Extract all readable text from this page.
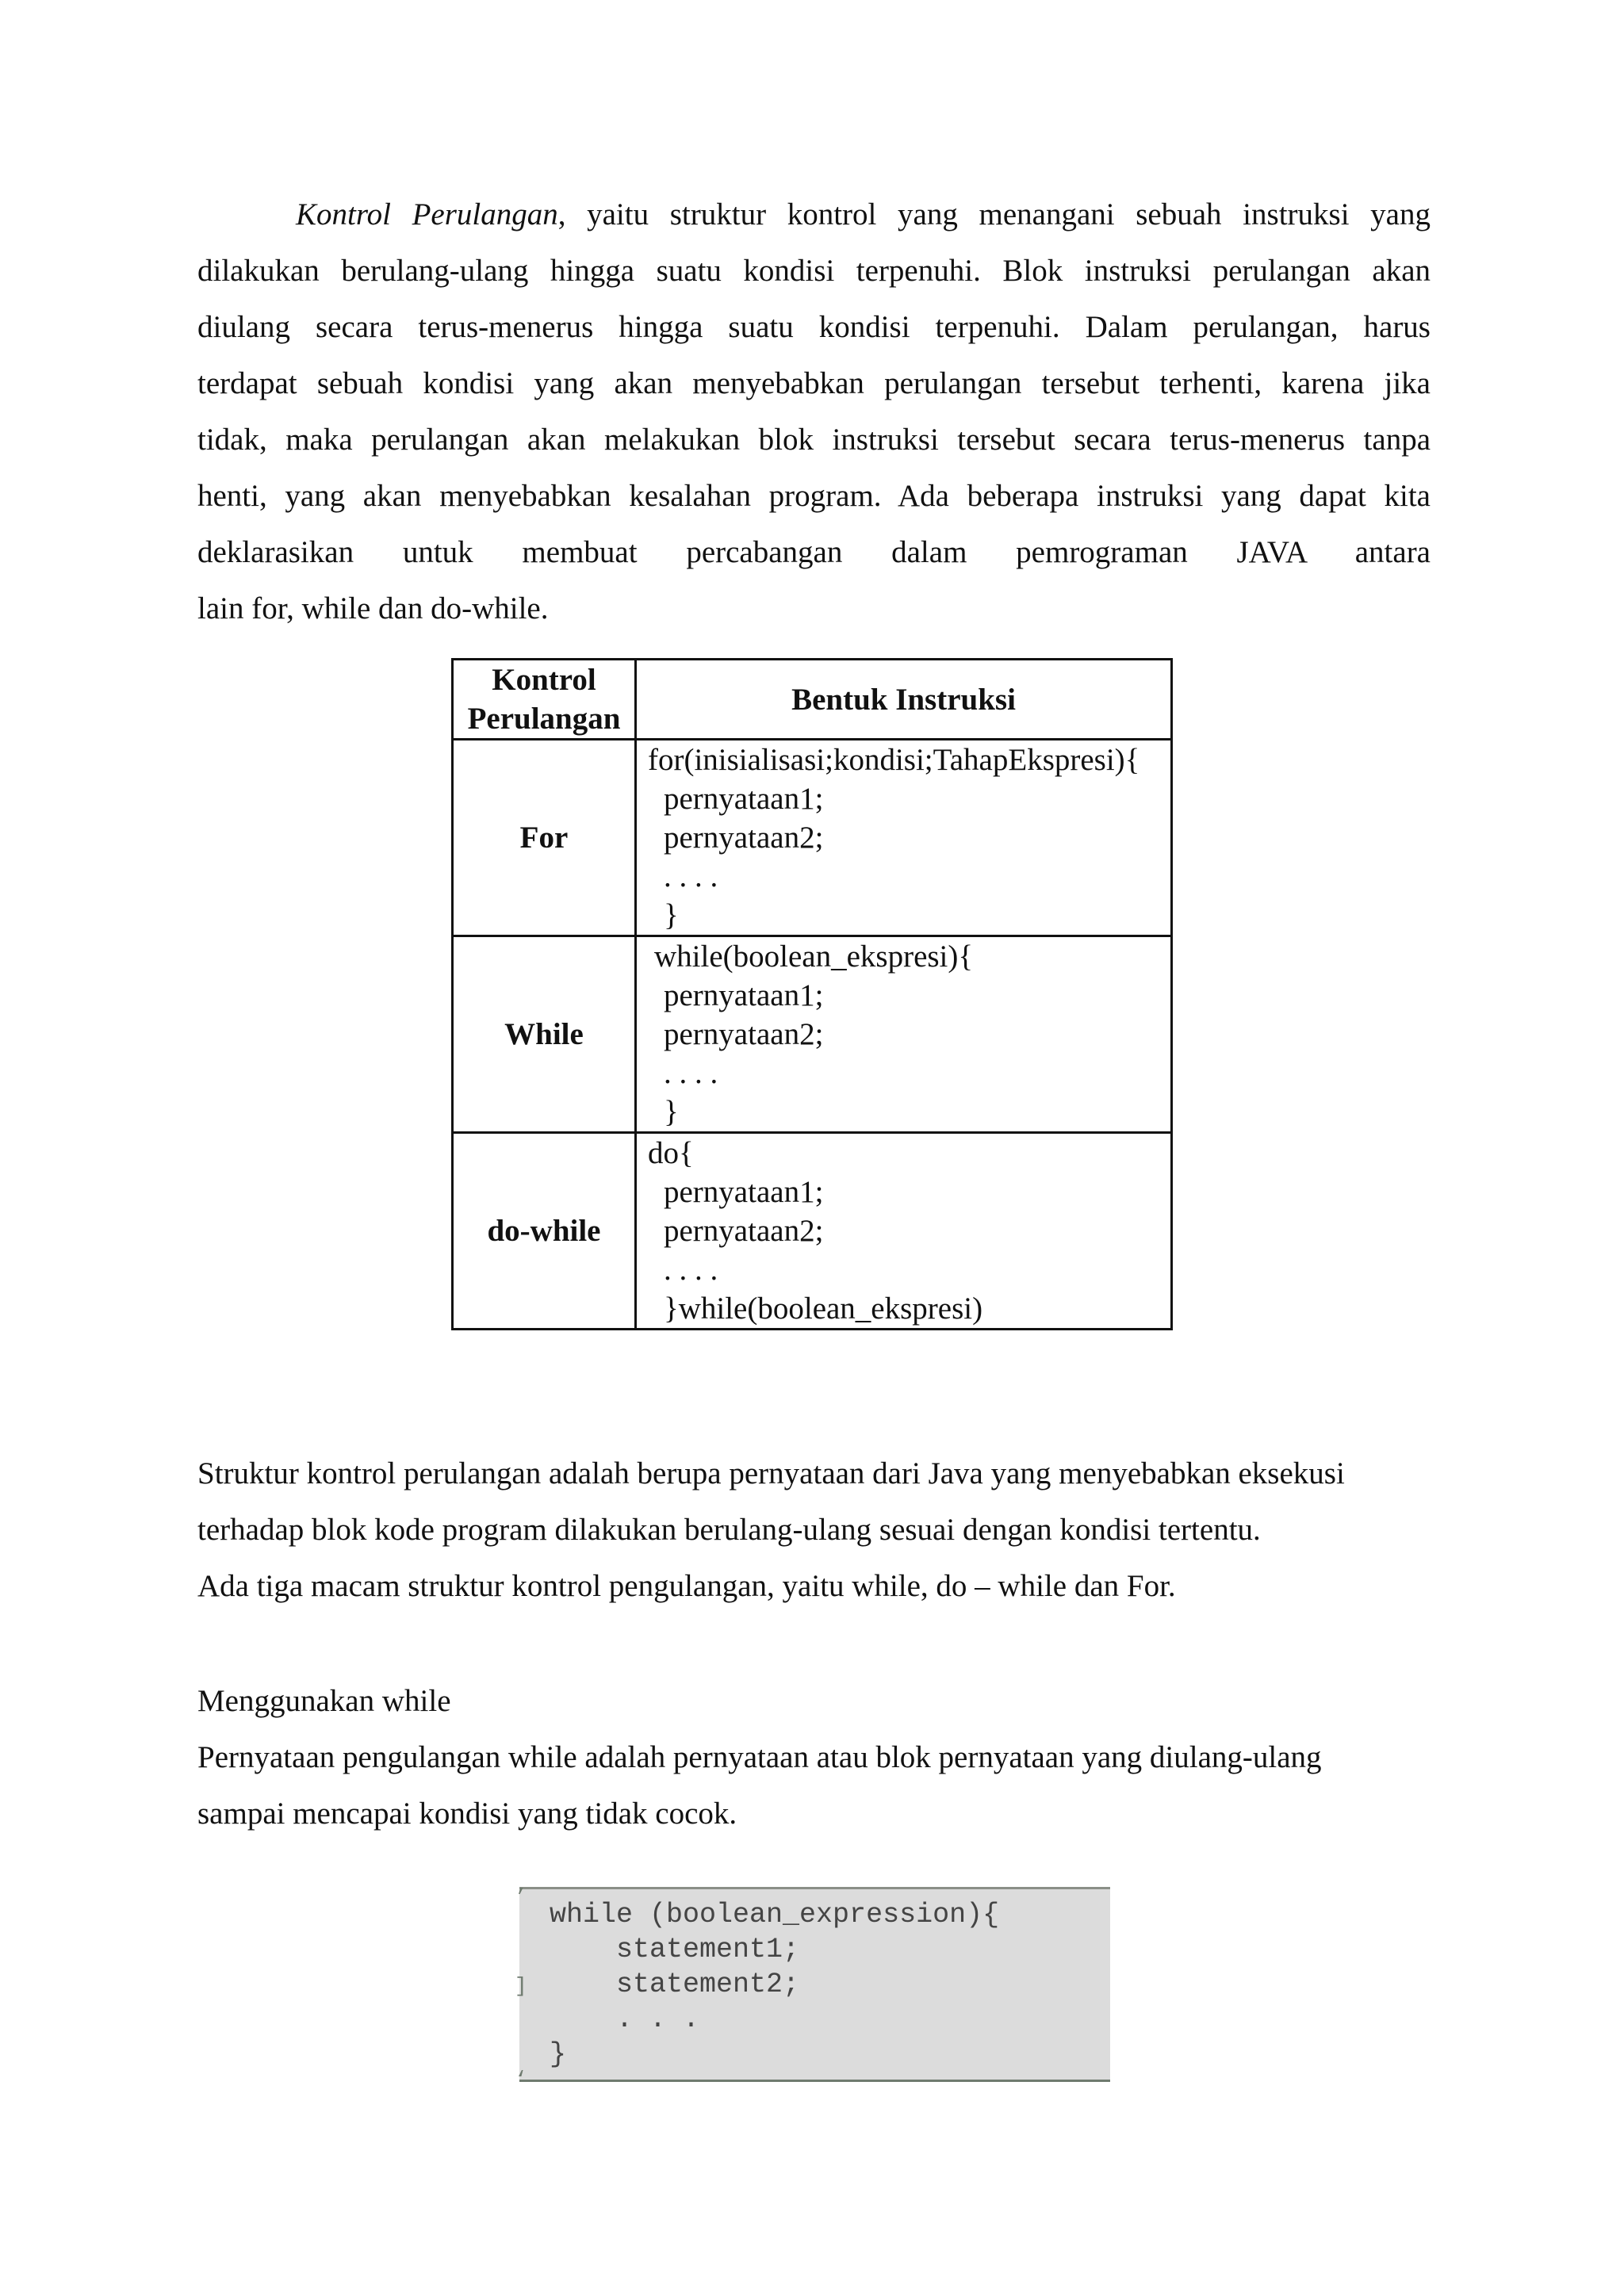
Kontrol Perulangan, yaitu struktur kontrol yang menangani sebuah instruksi yang
dilakukan berulang-ulang hingga suatu kondisi terpenuhi. Blok instruksi perulangan akan
diulang secara terus-menerus hingga suatu kondisi terpenuhi. Dalam perulangan, harus
terdapat sebuah kondisi yang akan menyebabkan perulangan tersebut terhenti, karena jika
tidak, maka perulangan akan melakukan blok instruksi tersebut secara terus-menerus tanpa
henti, yang akan menyebabkan kesalahan program. Ada beberapa instruksi yang dapat kita
deklarasikan untuk membuat percabangan dalam pemrograman JAVA antara
lain for, while dan do-while.
Kontrol Perulangan	Bentuk Instruksi
For	for(inisialisasi;kondisi;TahapEkspresi){
pernyataan1;
pernyataan2;
. . . .
}

While	while(boolean_ekspresi){
pernyataan1;
pernyataan2;
. . . .
}

do-while	do{
pernyataan1;
pernyataan2;
. . . .
}while(boolean_ekspresi)
Struktur kontrol perulangan adalah berupa pernyataan dari Java yang menyebabkan eksekusi
terhadap blok kode program dilakukan berulang-ulang sesuai dengan kondisi tertentu.
Ada tiga macam struktur kontrol pengulangan, yaitu while, do – while dan For.
Menggunakan while
Pernyataan pengulangan while adalah pernyataan atau blok pernyataan yang diulang-ulang
sampai mencapai kondisi yang tidak cocok.
’
]
‘
while (boolean_expression){
statement1;
statement2;
. . .
}
